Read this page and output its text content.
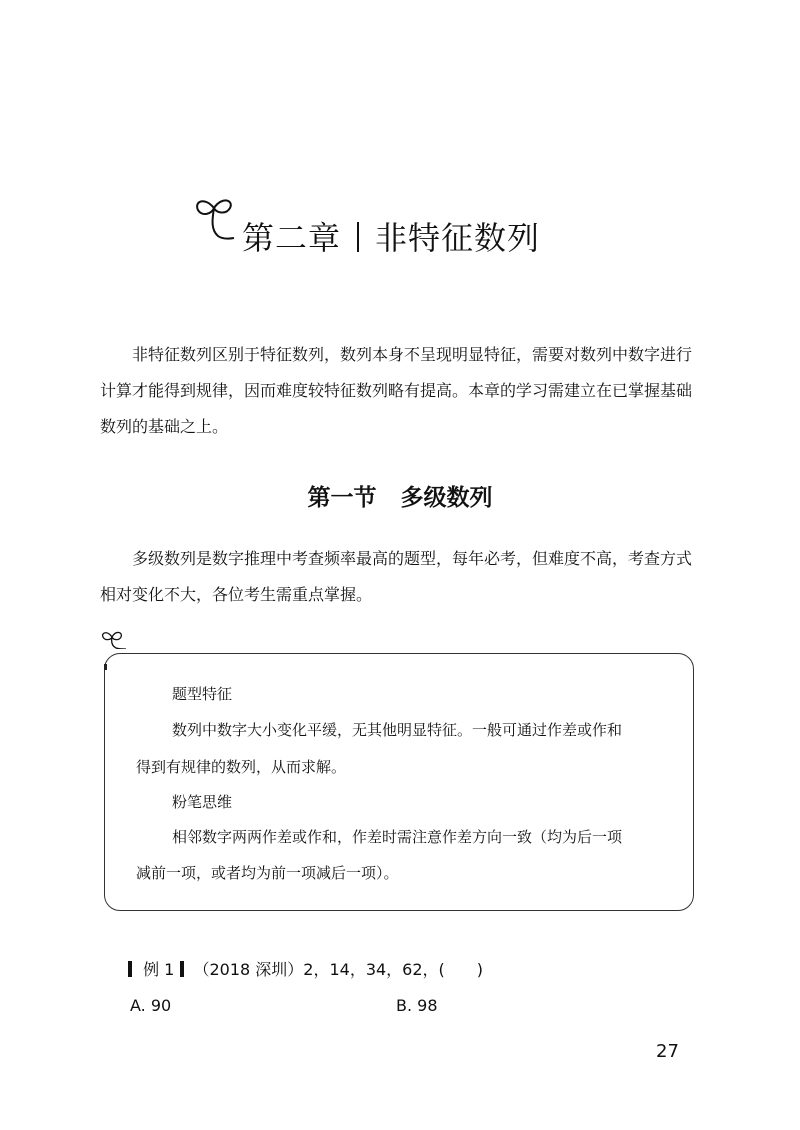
第二章 非特征数列

非特征数列区别于特征数列，数列本身不呈现明显特征，需要对数列中数字进行计算才能得到规律，因而难度较特征数列略有提高。本章的学习需建立在已掌握基础数列的基础之上。

第一节 多级数列

多级数列是数字推理中考查频率最高的题型，每年必考，但难度不高，考查方式相对变化不大，各位考生需重点掌握。

题型特征
数列中数字大小变化平缓，无其他明显特征。一般可通过作差或作和
得到有规律的数列，从而求解。
粉笔思维
相邻数字两两作差或作和，作差时需注意作差方向一致（均为后一项
减前一项，或者均为前一项减后一项）。
例 1 （2018 深圳）2，14，34，62，(　　)
A. 90	B. 98
27
